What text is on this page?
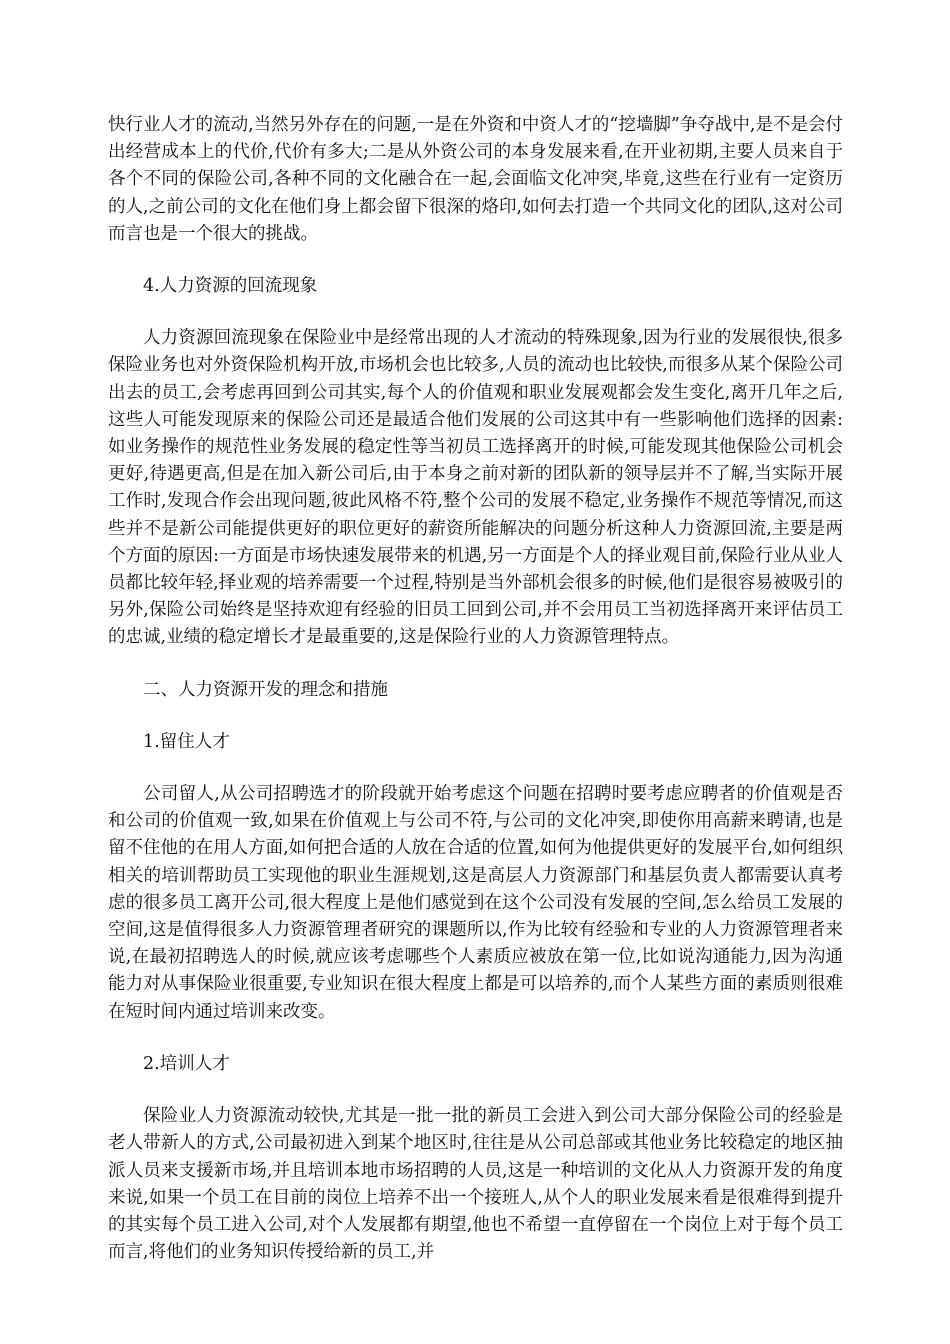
快行业人才的流动,当然另外存在的问题,一是在外资和中资人才的“挖墙脚”争夺战中,是不是会付出经营成本上的代价,代价有多大;二是从外资公司的本身发展来看,在开业初期,主要人员来自于各个不同的保险公司,各种不同的文化融合在一起,会面临文化冲突,毕竟,这些在行业有一定资历的人,之前公司的文化在他们身上都会留下很深的烙印,如何去打造一个共同文化的团队,这对公司而言也是一个很大的挑战。

4.人力资源的回流现象

人力资源回流现象在保险业中是经常出现的人才流动的特殊现象,因为行业的发展很快,很多保险业务也对外资保险机构开放,市场机会也比较多,人员的流动也比较快,而很多从某个保险公司出去的员工,会考虑再回到公司其实,每个人的价值观和职业发展观都会发生变化,离开几年之后,这些人可能发现原来的保险公司还是最适合他们发展的公司这其中有一些影响他们选择的因素:如业务操作的规范性业务发展的稳定性等当初员工选择离开的时候,可能发现其他保险公司机会更好,待遇更高,但是在加入新公司后,由于本身之前对新的团队新的领导层并不了解,当实际开展工作时,发现合作会出现问题,彼此风格不符,整个公司的发展不稳定,业务操作不规范等情况,而这些并不是新公司能提供更好的职位更好的薪资所能解决的问题分析这种人力资源回流,主要是两个方面的原因:一方面是市场快速发展带来的机遇,另一方面是个人的择业观目前,保险行业从业人员都比较年轻,择业观的培养需要一个过程,特别是当外部机会很多的时候,他们是很容易被吸引的另外,保险公司始终是坚持欢迎有经验的旧员工回到公司,并不会用员工当初选择离开来评估员工的忠诚,业绩的稳定增长才是最重要的,这是保险行业的人力资源管理特点。

二、人力资源开发的理念和措施

1.留住人才

公司留人,从公司招聘选才的阶段就开始考虑这个问题在招聘时要考虑应聘者的价值观是否和公司的价值观一致,如果在价值观上与公司不符,与公司的文化冲突,即使你用高薪来聘请,也是留不住他的在用人方面,如何把合适的人放在合适的位置,如何为他提供更好的发展平台,如何组织相关的培训帮助员工实现他的职业生涯规划,这是高层人力资源部门和基层负责人都需要认真考虑的很多员工离开公司,很大程度上是他们感觉到在这个公司没有发展的空间,怎么给员工发展的空间,这是值得很多人力资源管理者研究的课题所以,作为比较有经验和专业的人力资源管理者来说,在最初招聘选人的时候,就应该考虑哪些个人素质应被放在第一位,比如说沟通能力,因为沟通能力对从事保险业很重要,专业知识在很大程度上都是可以培养的,而个人某些方面的素质则很难在短时间内通过培训来改变。

2.培训人才

保险业人力资源流动较快,尤其是一批一批的新员工会进入到公司大部分保险公司的经验是老人带新人的方式,公司最初进入到某个地区时,往往是从公司总部或其他业务比较稳定的地区抽派人员来支援新市场,并且培训本地市场招聘的人员,这是一种培训的文化从人力资源开发的角度来说,如果一个员工在目前的岗位上培养不出一个接班人,从个人的职业发展来看是很难得到提升的其实每个员工进入公司,对个人发展都有期望,他也不希望一直停留在一个岗位上对于每个员工而言,将他们的业务知识传授给新的员工,并
